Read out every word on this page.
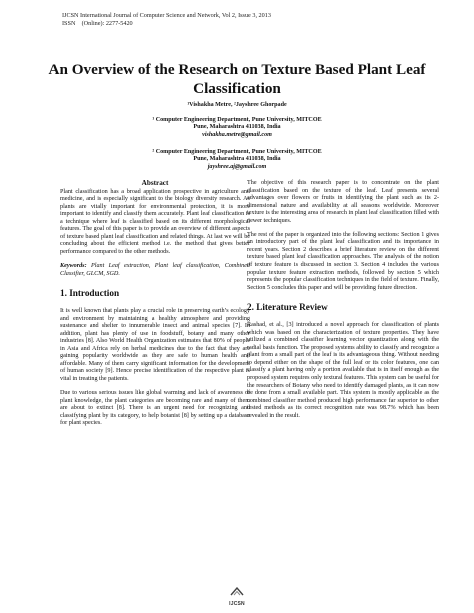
IJCSN International Journal of Computer Science and Network, Vol 2, Issue 3, 2013
ISSN    (Online): 2277-5420
An Overview of the Research on Texture Based Plant Leaf
Classification
¹Vishakha Metre, ²Jayshree Ghorpade
¹ Computer Engineering Department, Pune University, MITCOE
Pune, Maharashtra 411038, India
vishakha.metre@gmail.com
² Computer Engineering Department, Pune University, MITCOE
Pune, Maharashtra 411038, India
jayshree.aj@gmail.com
Abstract

Plant classification has a broad application prospective in agriculture and medicine, and is especially significant to the biology diversity research. As plants are vitally important for environmental protection, it is more important to identify and classify them accurately. Plant leaf classification is a technique where leaf is classified based on its different morphological features. The goal of this paper is to provide an overview of different aspects of texture based plant leaf classification and related things. At last we will be concluding about the efficient method i.e. the method that gives better performance compared to the other methods.

Keywords: Plant Leaf extraction, Plant leaf classification, Combined Classifier, GLCM, SGD.

1. Introduction

It is well known that plants play a crucial role in preserving earth’s ecology and environment by maintaining a healthy atmosphere and providing sustenance and shelter to innumerable insect and animal species [7]. In addition, plant has plenty of use in foodstuff, botany and many other industries [8]. Also World Health Organization estimates that 80% of people in Asia and Africa rely on herbal medicines due to the fact that they are gaining popularity worldwide as they are safe to human health and affordable. Many of them carry significant information for the development of human society [9]. Hence precise identification of the respective plant is vital in treating the patients.

Due to various serious issues like global warming and lack of awareness of plant knowledge, the plant categories are becoming rare and many of them are about to extinct [8]. There is an urgent need for recognizing and classifying plant by its category, to help botanist [8] by setting up a database for plant species.

The objective of this research paper is to concentrate on the plant classification based on the texture of the leaf. Leaf presents several advantages over flowers or fruits in identifying the plant such as its 2-dimensional nature and availability at all seasons worldwide. Moreover texture is the interesting area of research in plant leaf classification filled with newer techniques.

The rest of the paper is organized into the following sections: Section 1 gives an introductory part of the plant leaf classification and its importance in recent years. Section 2 describes a brief literature review on the different texture based plant leaf classification approaches. The analysis of the notion of texture feature is discussed in section 3. Section 4 includes the various popular texture feature extraction methods, followed by section 5 which represents the popular classification techniques in the field of texture. Finally, Section 5 concludes this paper and will be providing future direction.

2. Literature Review

Rashad, et al., [3] introduced a novel approach for classification of plants which was based on the characterization of texture properties. They have utilized a combined classifier learning vector quantization along with the radial basis function. The proposed systems ability to classify and recognize a plant from a small part of the leaf is its advantageous thing. Without needing to depend either on the shape of the full leaf or its color features, one can classify a plant having only a portion available that is in itself enough as the proposed system requires only textural features. This system can be useful for the researchers of Botany who need to identify damaged plants, as it can now be done from a small available part. This system is mostly applicable as the combined classifier method produced high performance far superior to other tested methods as its correct recognition rate was 98.7% which has been revealed in the result.

IJCSN
